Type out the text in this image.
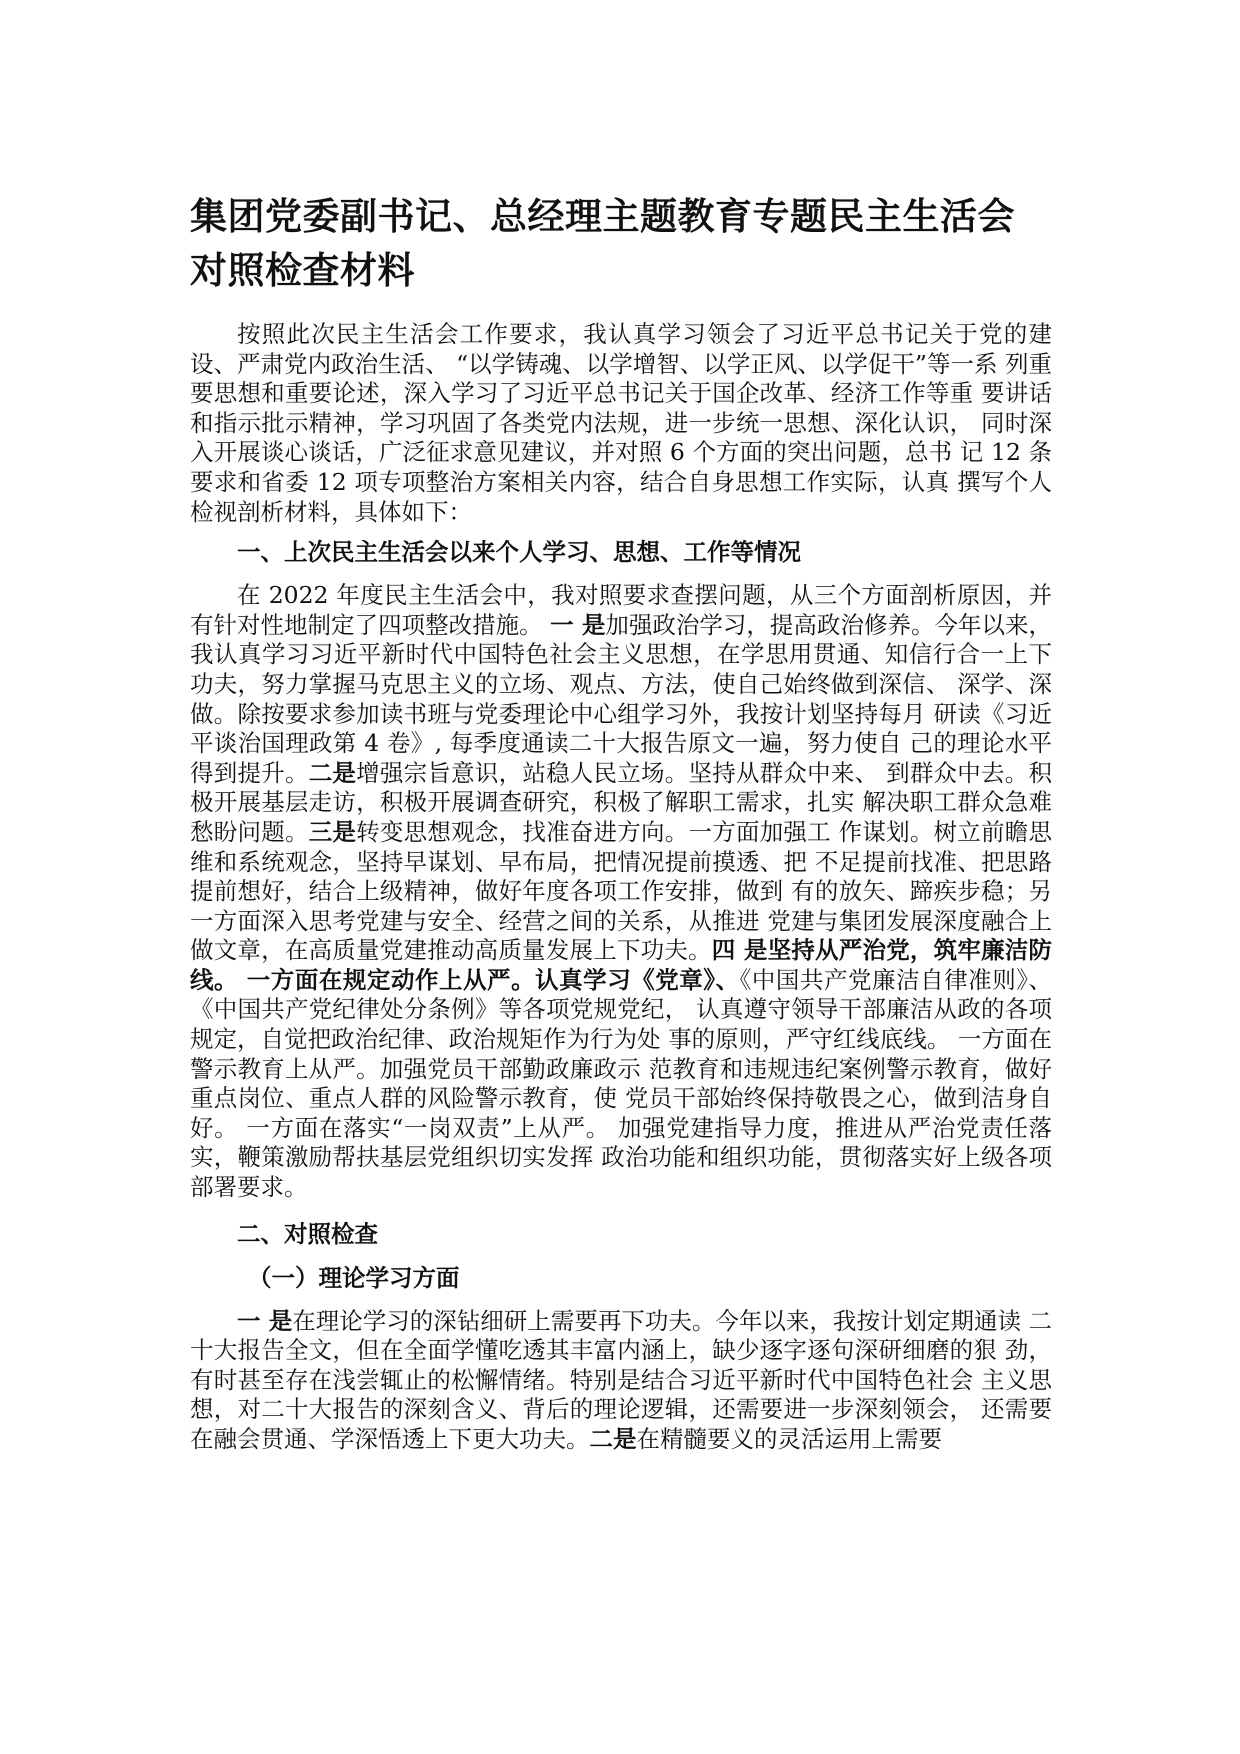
集团党委副书记、总经理主题教育专题民主生活会对照检查材料

按照此次民主生活会工作要求，我认真学习领会了习近平总书记关于党的建设、严肃党内政治生活、 “以学铸魂、以学增智、以学正风、以学促干”等一系 列重要思想和重要论述，深入学习了习近平总书记关于国企改革、经济工作等重 要讲话和指示批示精神，学习巩固了各类党内法规，进一步统一思想、深化认识， 同时深入开展谈心谈话，广泛征求意见建议，并对照 6 个方面的突出问题，总书 记 12 条要求和省委 12 项专项整治方案相关内容，结合自身思想工作实际，认真 撰写个人检视剖析材料，具体如下：

一、上次民主生活会以来个人学习、思想、工作等情况

在 2022 年度民主生活会中，我对照要求查摆问题，从三个方面剖析原因，并有针对性地制定了四项整改措施。 一 是加强政治学习，提高政治修养。今年以来，我认真学习习近平新时代中国特色社会主义思想，在学思用贯通、知信行合一上下功夫，努力掌握马克思主义的立场、观点、方法，使自己始终做到深信、 深学、深做。除按要求参加读书班与党委理论中心组学习外，我按计划坚持每月 研读《习近平谈治国理政第 4 卷》, 每季度通读二十大报告原文一遍，努力使自 己的理论水平得到提升。二是增强宗旨意识，站稳人民立场。坚持从群众中来、 到群众中去。积极开展基层走访，积极开展调查研究，积极了解职工需求，扎实 解决职工群众急难愁盼问题。三是转变思想观念，找准奋进方向。一方面加强工 作谋划。树立前瞻思维和系统观念，坚持早谋划、早布局，把情况提前摸透、把 不足提前找准、把思路提前想好，结合上级精神，做好年度各项工作安排，做到 有的放矢、蹄疾步稳；另一方面深入思考党建与安全、经营之间的关系，从推进 党建与集团发展深度融合上做文章，在高质量党建推动高质量发展上下功夫。四 是坚持从严治党，筑牢廉洁防线。 一方面在规定动作上从严。认真学习《党章》、《中国共产党廉洁自律准则》、 《中国共产党纪律处分条例》等各项党规党纪， 认真遵守领导干部廉洁从政的各项规定，自觉把政治纪律、政治规矩作为行为处 事的原则，严守红线底线。 一方面在警示教育上从严。加强党员干部勤政廉政示 范教育和违规违纪案例警示教育，做好重点岗位、重点人群的风险警示教育，使 党员干部始终保持敬畏之心，做到洁身自好。 一方面在落实“一岗双责”上从严。 加强党建指导力度，推进从严治党责任落实，鞭策激励帮扶基层党组织切实发挥 政治功能和组织功能，贯彻落实好上级各项部署要求。

二、对照检查
（一）理论学习方面

一 是在理论学习的深钻细研上需要再下功夫。今年以来，我按计划定期通读 二十大报告全文，但在全面学懂吃透其丰富内涵上，缺少逐字逐句深研细磨的狠 劲，有时甚至存在浅尝辄止的松懈情绪。特别是结合习近平新时代中国特色社会 主义思想，对二十大报告的深刻含义、背后的理论逻辑，还需要进一步深刻领会， 还需要在融会贯通、学深悟透上下更大功夫。二是在精髓要义的灵活运用上需要
